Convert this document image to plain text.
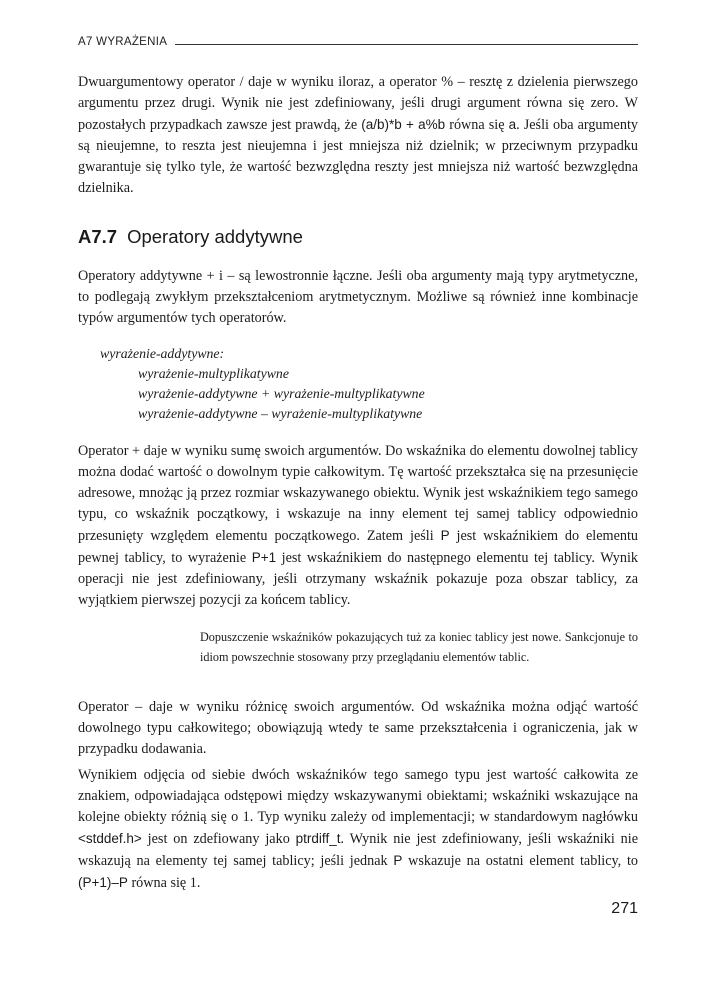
A7 WYRAŻENIA

Dwuargumentowy operator / daje w wyniku iloraz, a operator % – resztę z dzielenia pierwszego argumentu przez drugi. Wynik nie jest zdefiniowany, jeśli drugi argument równa się zero. W pozostałych przypadkach zawsze jest prawdą, że (a/b)*b + a%b równa się a. Jeśli oba argumenty są nieujemne, to reszta jest nieujemna i jest mniejsza niż dzielnik; w przeciwnym przypadku gwarantuje się tylko tyle, że wartość bezwzględna reszty jest mniejsza niż wartość bezwzględna dzielnika.

A7.7 Operatory addytywne

Operatory addytywne + i – są lewostronnie łączne. Jeśli oba argumenty mają typy arytmetyczne, to podlegają zwykłym przekształceniom arytmetycznym. Możliwe są również inne kombinacje typów argumentów tych operatorów.

wyrażenie-addytywne:
wyrażenie-multyplikatywne
wyrażenie-addytywne + wyrażenie-multyplikatywne
wyrażenie-addytywne – wyrażenie-multyplikatywne

Operator + daje w wyniku sumę swoich argumentów. Do wskaźnika do elementu dowolnej tablicy można dodać wartość o dowolnym typie całkowitym. Tę wartość przekształca się na przesunięcie adresowe, mnożąc ją przez rozmiar wskazywanego obiektu. Wynik jest wskaźnikiem tego samego typu, co wskaźnik początkowy, i wskazuje na inny element tej samej tablicy odpowiednio przesunięty względem elementu początkowego. Zatem jeśli P jest wskaźnikiem do elementu pewnej tablicy, to wyrażenie P+1 jest wskaźnikiem do następnego elementu tej tablicy. Wynik operacji nie jest zdefiniowany, jeśli otrzymany wskaźnik pokazuje poza obszar tablicy, za wyjątkiem pierwszej pozycji za końcem tablicy.

Dopuszczenie wskaźników pokazujących tuż za koniec tablicy jest nowe. Sankcjonuje to idiom powszechnie stosowany przy przeglądaniu elementów tablic.

Operator – daje w wyniku różnicę swoich argumentów. Od wskaźnika można odjąć wartość dowolnego typu całkowitego; obowiązują wtedy te same przekształcenia i ograniczenia, jak w przypadku dodawania.

Wynikiem odjęcia od siebie dwóch wskaźników tego samego typu jest wartość całkowita ze znakiem, odpowiadająca odstępowi między wskazywanymi obiektami; wskaźniki wskazujące na kolejne obiekty różnią się o 1. Typ wyniku zależy od implementacji; w standardowym nagłówku <stddef.h> jest on zdefiowany jako ptrdiff_t. Wynik nie jest zdefiniowany, jeśli wskaźniki nie wskazują na elementy tej samej tablicy; jeśli jednak P wskazuje na ostatni element tablicy, to (P+1)–P równa się 1.

271
